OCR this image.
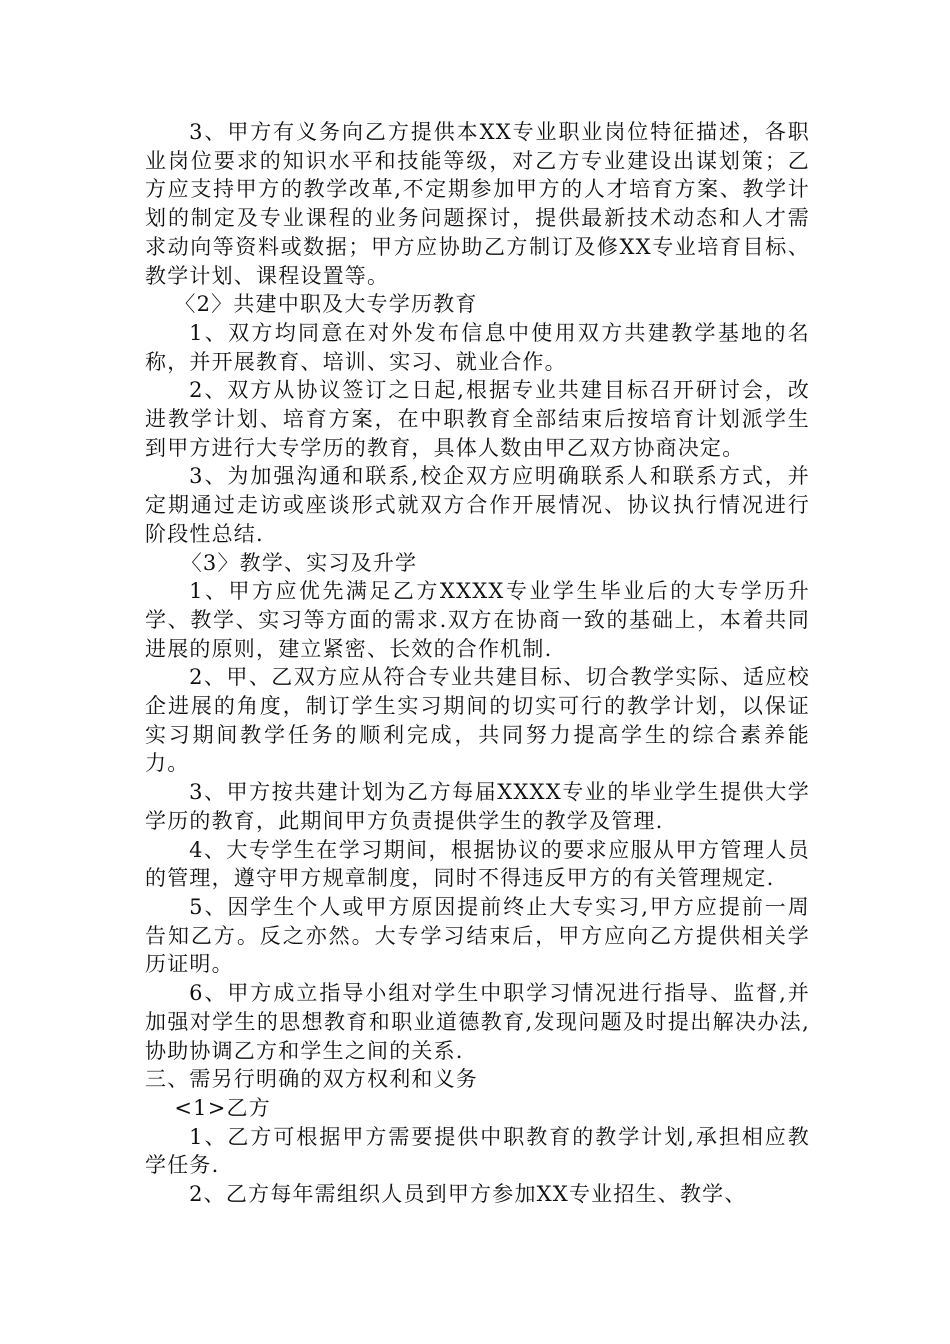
3、甲方有义务向乙方提供本XX专业职业岗位特征描述，各职业岗位要求的知识水平和技能等级，对乙方专业建设出谋划策；乙方应支持甲方的教学改革,不定期参加甲方的人才培育方案、教学计划的制定及专业课程的业务问题探讨，提供最新技术动态和人才需求动向等资料或数据；甲方应协助乙方制订及修XX专业培育目标、教学计划、课程设置等。

〈2〉共建中职及大专学历教育

1、双方均同意在对外发布信息中使用双方共建教学基地的名称，并开展教育、培训、实习、就业合作。

2、双方从协议签订之日起,根据专业共建目标召开研讨会，改进教学计划、培育方案，在中职教育全部结束后按培育计划派学生到甲方进行大专学历的教育，具体人数由甲乙双方协商决定。

3、为加强沟通和联系,校企双方应明确联系人和联系方式，并定期通过走访或座谈形式就双方合作开展情况、协议执行情况进行阶段性总结.

〈3〉教学、实习及升学

1、甲方应优先满足乙方XXXX专业学生毕业后的大专学历升学、教学、实习等方面的需求.双方在协商一致的基础上，本着共同进展的原则，建立紧密、长效的合作机制.

2、甲、乙双方应从符合专业共建目标、切合教学实际、适应校企进展的角度，制订学生实习期间的切实可行的教学计划，以保证实习期间教学任务的顺利完成，共同努力提高学生的综合素养能力。

3、甲方按共建计划为乙方每届XXXX专业的毕业学生提供大学学历的教育，此期间甲方负责提供学生的教学及管理.

4、大专学生在学习期间，根据协议的要求应服从甲方管理人员的管理，遵守甲方规章制度，同时不得违反甲方的有关管理规定.

5、因学生个人或甲方原因提前终止大专实习,甲方应提前一周告知乙方。反之亦然。大专学习结束后，甲方应向乙方提供相关学历证明。

6、甲方成立指导小组对学生中职学习情况进行指导、监督,并加强对学生的思想教育和职业道德教育,发现问题及时提出解决办法,协助协调乙方和学生之间的关系.

三、需另行明确的双方权利和义务

<1>乙方

1、乙方可根据甲方需要提供中职教育的教学计划,承担相应教学任务.

2、乙方每年需组织人员到甲方参加XX专业招生、教学、
